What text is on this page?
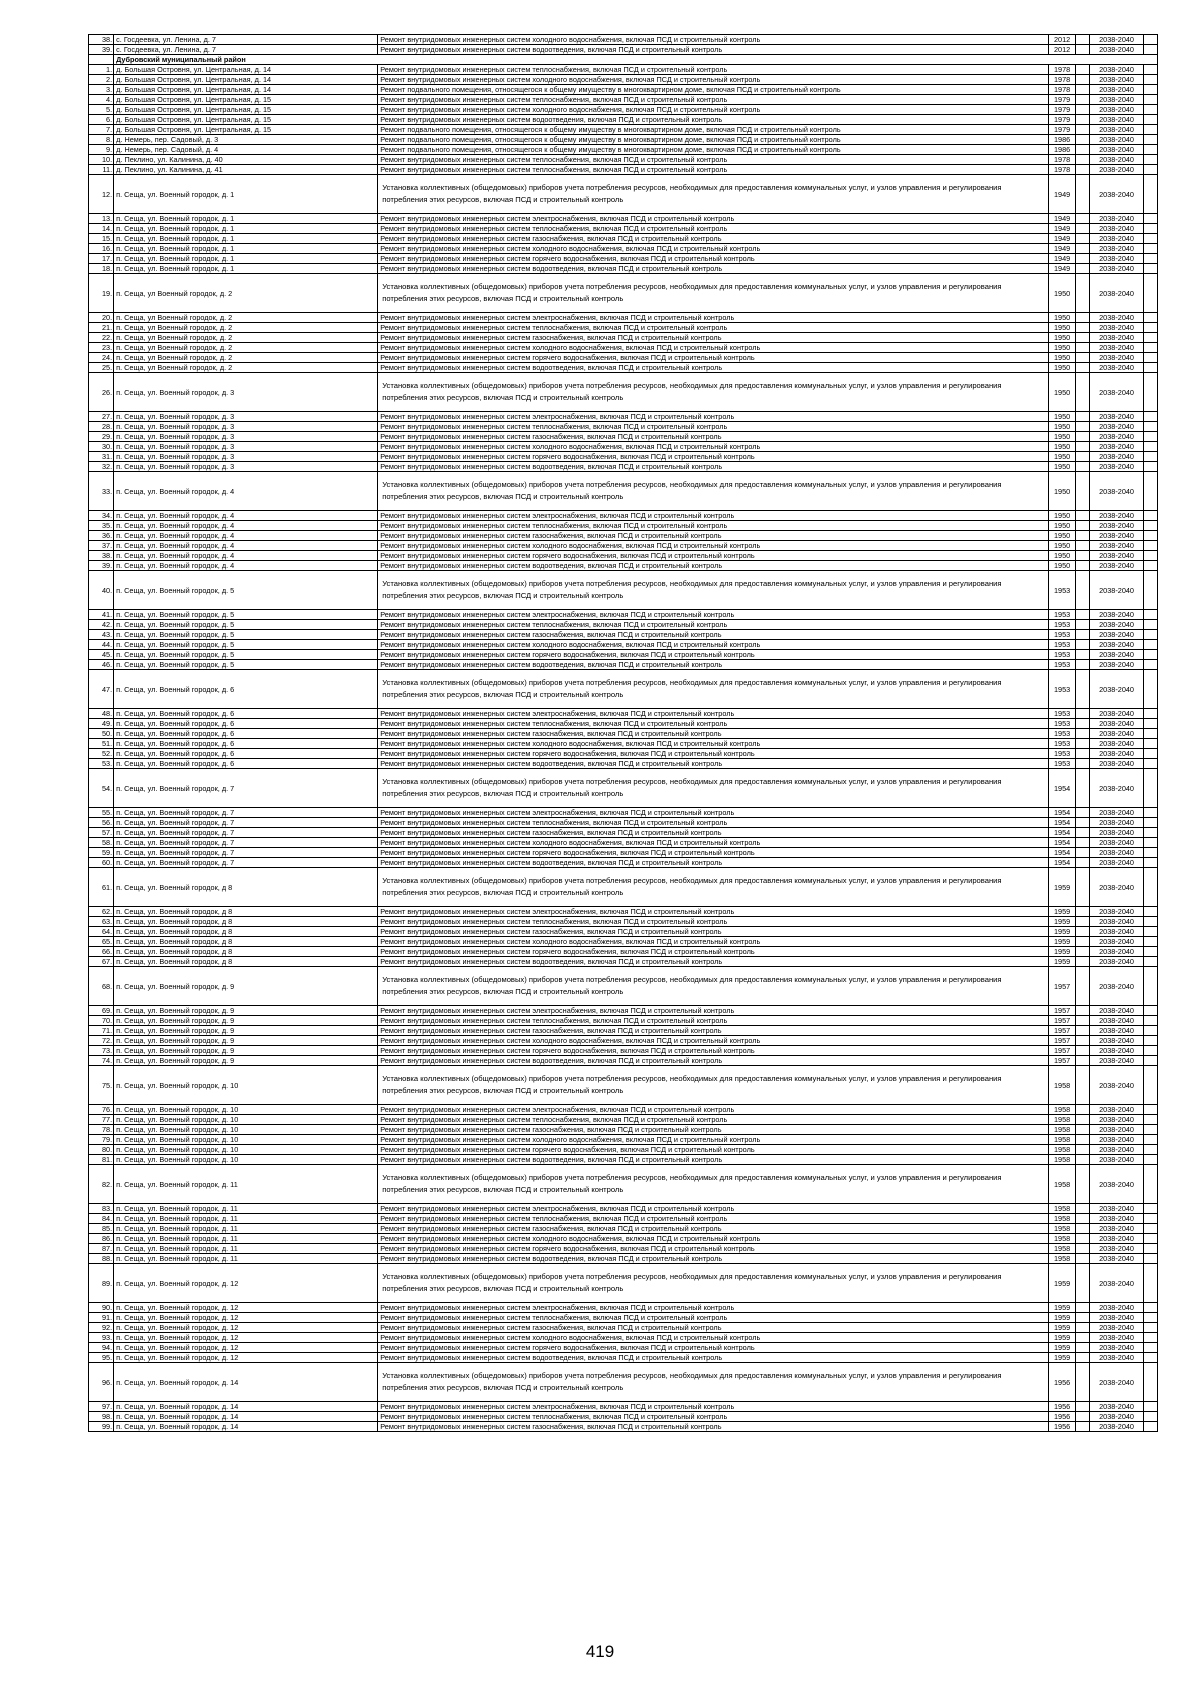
38.	с. Госдеевка, ул. Ленина, д. 7	Ремонт внутридомовых инженерных систем холодного водоснабжения, включая ПСД и строительный контроль	2012		2038-2040	
39.	с. Госдеевка, ул. Ленина, д. 7	Ремонт внутридомовых инженерных систем водоотведения, включая ПСД и строительный контроль	2012		2038-2040	
	Дубровский муниципальный район					
1.	д. Большая Островня, ул. Центральная, д. 14	Ремонт внутридомовых инженерных систем теплоснабжения, включая ПСД и строительный контроль	1978		2038-2040	
2.	д. Большая Островня, ул. Центральная, д. 14	Ремонт внутридомовых инженерных систем холодного водоснабжения, включая ПСД и строительный контроль	1978		2038-2040	
3.	д. Большая Островня, ул. Центральная, д. 14	Ремонт подвального помещения, относящегося к общему имуществу в многоквартирном доме, включая ПСД и строительный контроль	1978		2038-2040	
4.	д. Большая Островня, ул. Центральная, д. 15	Ремонт внутридомовых инженерных систем теплоснабжения, включая ПСД и строительный контроль	1979		2038-2040	
5.	д. Большая Островня, ул. Центральная, д. 15	Ремонт внутридомовых инженерных систем холодного водоснабжения, включая ПСД и строительный контроль	1979		2038-2040	
6.	д. Большая Островня, ул. Центральная, д. 15	Ремонт внутридомовых инженерных систем водоотведения, включая ПСД и строительный контроль	1979		2038-2040	
7.	д. Большая Островня, ул. Центральная, д. 15	Ремонт подвального помещения, относящегося к общему имуществу в многоквартирном доме, включая ПСД и строительный контроль	1979		2038-2040	
8.	д. Немерь, пер. Садовый, д. 3	Ремонт подвального помещения, относящегося к общему имуществу в многоквартирном доме, включая ПСД и строительный контроль	1986		2038-2040	
9.	д. Немерь, пер. Садовый, д. 4	Ремонт подвального помещения, относящегося к общему имуществу в многоквартирном доме, включая ПСД и строительный контроль	1986		2038-2040	
10.	д. Пеклино, ул. Калинина, д. 40	Ремонт внутридомовых инженерных систем теплоснабжения, включая ПСД и строительный контроль	1978		2038-2040	
11.	д. Пеклино, ул. Калинина, д. 41	Ремонт внутридомовых инженерных систем теплоснабжения, включая ПСД и строительный контроль	1978		2038-2040	
12.	п. Сеща, ул. Военный городок, д. 1	Установка коллективных (общедомовых) приборов учета потребления ресурсов, необходимых для предоставления коммунальных услуг, и узлов управления и регулирования потребления этих ресурсов, включая ПСД и строительный контроль	1949		2038-2040	
13.	п. Сеща, ул. Военный городок, д. 1	Ремонт внутридомовых инженерных систем электроснабжения, включая ПСД и строительный контроль	1949		2038-2040	
14.	п. Сеща, ул. Военный городок, д. 1	Ремонт внутридомовых инженерных систем теплоснабжения, включая ПСД и строительный контроль	1949		2038-2040	
15.	п. Сеща, ул. Военный городок, д. 1	Ремонт внутридомовых инженерных систем газоснабжения, включая ПСД и строительный контроль	1949		2038-2040	
16.	п. Сеща, ул. Военный городок, д. 1	Ремонт внутридомовых инженерных систем холодного водоснабжения, включая ПСД и строительный контроль	1949		2038-2040	
17.	п. Сеща, ул. Военный городок, д. 1	Ремонт внутридомовых инженерных систем горячего водоснабжения, включая ПСД и строительный контроль	1949		2038-2040	
18.	п. Сеща, ул. Военный городок, д. 1	Ремонт внутридомовых инженерных систем водоотведения, включая ПСД и строительный контроль	1949		2038-2040	
19.	п. Сеща, ул Военный городок, д. 2	Установка коллективных (общедомовых) приборов учета потребления ресурсов, необходимых для предоставления коммунальных услуг, и узлов управления и регулирования потребления этих ресурсов, включая ПСД и строительный контроль	1950		2038-2040	
20.	п. Сеща, ул Военный городок, д. 2	Ремонт внутридомовых инженерных систем электроснабжения, включая ПСД и строительный контроль	1950		2038-2040	
21.	п. Сеща, ул Военный городок, д. 2	Ремонт внутридомовых инженерных систем теплоснабжения, включая ПСД и строительный контроль	1950		2038-2040	
22.	п. Сеща, ул Военный городок, д. 2	Ремонт внутридомовых инженерных систем газоснабжения, включая ПСД и строительный контроль	1950		2038-2040	
23.	п. Сеща, ул Военный городок, д. 2	Ремонт внутридомовых инженерных систем холодного водоснабжения, включая ПСД и строительный контроль	1950		2038-2040	
24.	п. Сеща, ул Военный городок, д. 2	Ремонт внутридомовых инженерных систем горячего водоснабжения, включая ПСД и строительный контроль	1950		2038-2040	
25.	п. Сеща, ул Военный городок, д. 2	Ремонт внутридомовых инженерных систем водоотведения, включая ПСД и строительный контроль	1950		2038-2040	
26.	п. Сеща, ул. Военный городок, д. 3	Установка коллективных (общедомовых) приборов учета потребления ресурсов, необходимых для предоставления коммунальных услуг, и узлов управления и регулирования потребления этих ресурсов, включая ПСД и строительный контроль	1950		2038-2040	
27.	п. Сеща, ул. Военный городок, д. 3	Ремонт внутридомовых инженерных систем электроснабжения, включая ПСД и строительный контроль	1950		2038-2040	
28.	п. Сеща, ул. Военный городок, д. 3	Ремонт внутридомовых инженерных систем теплоснабжения, включая ПСД и строительный контроль	1950		2038-2040	
29.	п. Сеща, ул. Военный городок, д. 3	Ремонт внутридомовых инженерных систем газоснабжения, включая ПСД и строительный контроль	1950		2038-2040	
30.	п. Сеща, ул. Военный городок, д. 3	Ремонт внутридомовых инженерных систем холодного водоснабжения, включая ПСД и строительный контроль	1950		2038-2040	
31.	п. Сеща, ул. Военный городок, д. 3	Ремонт внутридомовых инженерных систем горячего водоснабжения, включая ПСД и строительный контроль	1950		2038-2040	
32.	п. Сеща, ул. Военный городок, д. 3	Ремонт внутридомовых инженерных систем водоотведения, включая ПСД и строительный контроль	1950		2038-2040	
33.	п. Сеща, ул. Военный городок, д. 4	Установка коллективных (общедомовых) приборов учета потребления ресурсов, необходимых для предоставления коммунальных услуг, и узлов управления и регулирования потребления этих ресурсов, включая ПСД и строительный контроль	1950		2038-2040	
34.	п. Сеща, ул. Военный городок, д. 4	Ремонт внутридомовых инженерных систем электроснабжения, включая ПСД и строительный контроль	1950		2038-2040	
35.	п. Сеща, ул. Военный городок, д. 4	Ремонт внутридомовых инженерных систем теплоснабжения, включая ПСД и строительный контроль	1950		2038-2040	
36.	п. Сеща, ул. Военный городок, д. 4	Ремонт внутридомовых инженерных систем газоснабжения, включая ПСД и строительный контроль	1950		2038-2040	
37.	п. Сеща, ул. Военный городок, д. 4	Ремонт внутридомовых инженерных систем холодного водоснабжения, включая ПСД и строительный контроль	1950		2038-2040	
38.	п. Сеща, ул. Военный городок, д. 4	Ремонт внутридомовых инженерных систем горячего водоснабжения, включая ПСД и строительный контроль	1950		2038-2040	
39.	п. Сеща, ул. Военный городок, д. 4	Ремонт внутридомовых инженерных систем водоотведения, включая ПСД и строительный контроль	1950		2038-2040	
40.	п. Сеща, ул. Военный городок, д. 5	Установка коллективных (общедомовых) приборов учета потребления ресурсов, необходимых для предоставления коммунальных услуг, и узлов управления и регулирования потребления этих ресурсов, включая ПСД и строительный контроль	1953		2038-2040	
41.	п. Сеща, ул. Военный городок, д. 5	Ремонт внутридомовых инженерных систем электроснабжения, включая ПСД и строительный контроль	1953		2038-2040	
42.	п. Сеща, ул. Военный городок, д. 5	Ремонт внутридомовых инженерных систем теплоснабжения, включая ПСД и строительный контроль	1953		2038-2040	
43.	п. Сеща, ул. Военный городок, д. 5	Ремонт внутридомовых инженерных систем газоснабжения, включая ПСД и строительный контроль	1953		2038-2040	
44.	п. Сеща, ул. Военный городок, д. 5	Ремонт внутридомовых инженерных систем холодного водоснабжения, включая ПСД и строительный контроль	1953		2038-2040	
45.	п. Сеща, ул. Военный городок, д. 5	Ремонт внутридомовых инженерных систем горячего водоснабжения, включая ПСД и строительный контроль	1953		2038-2040	
46.	п. Сеща, ул. Военный городок, д. 5	Ремонт внутридомовых инженерных систем водоотведения, включая ПСД и строительный контроль	1953		2038-2040	
47.	п. Сеща, ул. Военный городок, д. 6	Установка коллективных (общедомовых) приборов учета потребления ресурсов, необходимых для предоставления коммунальных услуг, и узлов управления и регулирования потребления этих ресурсов, включая ПСД и строительный контроль	1953		2038-2040	
48.	п. Сеща, ул. Военный городок, д. 6	Ремонт внутридомовых инженерных систем электроснабжения, включая ПСД и строительный контроль	1953		2038-2040	
49.	п. Сеща, ул. Военный городок, д. 6	Ремонт внутридомовых инженерных систем теплоснабжения, включая ПСД и строительный контроль	1953		2038-2040	
50.	п. Сеща, ул. Военный городок, д. 6	Ремонт внутридомовых инженерных систем газоснабжения, включая ПСД и строительный контроль	1953		2038-2040	
51.	п. Сеща, ул. Военный городок, д. 6	Ремонт внутридомовых инженерных систем холодного водоснабжения, включая ПСД и строительный контроль	1953		2038-2040	
52.	п. Сеща, ул. Военный городок, д. 6	Ремонт внутридомовых инженерных систем горячего водоснабжения, включая ПСД и строительный контроль	1953		2038-2040	
53.	п. Сеща, ул. Военный городок, д. 6	Ремонт внутридомовых инженерных систем водоотведения, включая ПСД и строительный контроль	1953		2038-2040	
54.	п. Сеща, ул. Военный городок, д. 7	Установка коллективных (общедомовых) приборов учета потребления ресурсов, необходимых для предоставления коммунальных услуг, и узлов управления и регулирования потребления этих ресурсов, включая ПСД и строительный контроль	1954		2038-2040	
55.	п. Сеща, ул. Военный городок, д. 7	Ремонт внутридомовых инженерных систем электроснабжения, включая ПСД и строительный контроль	1954		2038-2040	
56.	п. Сеща, ул. Военный городок, д. 7	Ремонт внутридомовых инженерных систем теплоснабжения, включая ПСД и строительный контроль	1954		2038-2040	
57.	п. Сеща, ул. Военный городок, д. 7	Ремонт внутридомовых инженерных систем газоснабжения, включая ПСД и строительный контроль	1954		2038-2040	
58.	п. Сеща, ул. Военный городок, д. 7	Ремонт внутридомовых инженерных систем холодного водоснабжения, включая ПСД и строительный контроль	1954		2038-2040	
59.	п. Сеща, ул. Военный городок, д. 7	Ремонт внутридомовых инженерных систем горячего водоснабжения, включая ПСД и строительный контроль	1954		2038-2040	
60.	п. Сеща, ул. Военный городок, д. 7	Ремонт внутридомовых инженерных систем водоотведения, включая ПСД и строительный контроль	1954		2038-2040	
61.	п. Сеща, ул. Военный городок, д 8	Установка коллективных (общедомовых) приборов учета потребления ресурсов, необходимых для предоставления коммунальных услуг, и узлов управления и регулирования потребления этих ресурсов, включая ПСД и строительный контроль	1959		2038-2040	
62.	п. Сеща, ул. Военный городок, д 8	Ремонт внутридомовых инженерных систем электроснабжения, включая ПСД и строительный контроль	1959		2038-2040	
63.	п. Сеща, ул. Военный городок, д 8	Ремонт внутридомовых инженерных систем теплоснабжения, включая ПСД и строительный контроль	1959		2038-2040	
64.	п. Сеща, ул. Военный городок, д 8	Ремонт внутридомовых инженерных систем газоснабжения, включая ПСД и строительный контроль	1959		2038-2040	
65.	п. Сеща, ул. Военный городок, д 8	Ремонт внутридомовых инженерных систем холодного водоснабжения, включая ПСД и строительный контроль	1959		2038-2040	
66.	п. Сеща, ул. Военный городок, д 8	Ремонт внутридомовых инженерных систем горячего водоснабжения, включая ПСД и строительный контроль	1959		2038-2040	
67.	п. Сеща, ул. Военный городок, д 8	Ремонт внутридомовых инженерных систем водоотведения, включая ПСД и строительный контроль	1959		2038-2040	
68.	п. Сеща, ул. Военный городок, д. 9	Установка коллективных (общедомовых) приборов учета потребления ресурсов, необходимых для предоставления коммунальных услуг, и узлов управления и регулирования потребления этих ресурсов, включая ПСД и строительный контроль	1957		2038-2040	
69.	п. Сеща, ул. Военный городок, д. 9	Ремонт внутридомовых инженерных систем электроснабжения, включая ПСД и строительный контроль	1957		2038-2040	
70.	п. Сеща, ул. Военный городок, д. 9	Ремонт внутридомовых инженерных систем теплоснабжения, включая ПСД и строительный контроль	1957		2038-2040	
71.	п. Сеща, ул. Военный городок, д. 9	Ремонт внутридомовых инженерных систем газоснабжения, включая ПСД и строительный контроль	1957		2038-2040	
72.	п. Сеща, ул. Военный городок, д. 9	Ремонт внутридомовых инженерных систем холодного водоснабжения, включая ПСД и строительный контроль	1957		2038-2040	
73.	п. Сеща, ул. Военный городок, д. 9	Ремонт внутридомовых инженерных систем горячего водоснабжения, включая ПСД и строительный контроль	1957		2038-2040	
74.	п. Сеща, ул. Военный городок, д. 9	Ремонт внутридомовых инженерных систем водоотведения, включая ПСД и строительный контроль	1957		2038-2040	
75.	п. Сеща, ул. Военный городок, д. 10	Установка коллективных (общедомовых) приборов учета потребления ресурсов, необходимых для предоставления коммунальных услуг, и узлов управления и регулирования потребления этих ресурсов, включая ПСД и строительный контроль	1958		2038-2040	
76.	п. Сеща, ул. Военный городок, д. 10	Ремонт внутридомовых инженерных систем электроснабжения, включая ПСД и строительный контроль	1958		2038-2040	
77.	п. Сеща, ул. Военный городок, д. 10	Ремонт внутридомовых инженерных систем теплоснабжения, включая ПСД и строительный контроль	1958		2038-2040	
78.	п. Сеща, ул. Военный городок, д. 10	Ремонт внутридомовых инженерных систем газоснабжения, включая ПСД и строительный контроль	1958		2038-2040	
79.	п. Сеща, ул. Военный городок, д. 10	Ремонт внутридомовых инженерных систем холодного водоснабжения, включая ПСД и строительный контроль	1958		2038-2040	
80.	п. Сеща, ул. Военный городок, д. 10	Ремонт внутридомовых инженерных систем горячего водоснабжения, включая ПСД и строительный контроль	1958		2038-2040	
81.	п. Сеща, ул. Военный городок, д. 10	Ремонт внутридомовых инженерных систем водоотведения, включая ПСД и строительный контроль	1958		2038-2040	
82.	п. Сеща, ул. Военный городок, д. 11	Установка коллективных (общедомовых) приборов учета потребления ресурсов, необходимых для предоставления коммунальных услуг, и узлов управления и регулирования потребления этих ресурсов, включая ПСД и строительный контроль	1958		2038-2040	
83.	п. Сеща, ул. Военный городок, д. 11	Ремонт внутридомовых инженерных систем электроснабжения, включая ПСД и строительный контроль	1958		2038-2040	
84.	п. Сеща, ул. Военный городок, д. 11	Ремонт внутридомовых инженерных систем теплоснабжения, включая ПСД и строительный контроль	1958		2038-2040	
85.	п. Сеща, ул. Военный городок, д. 11	Ремонт внутридомовых инженерных систем газоснабжения, включая ПСД и строительный контроль	1958		2038-2040	
86.	п. Сеща, ул. Военный городок, д. 11	Ремонт внутридомовых инженерных систем холодного водоснабжения, включая ПСД и строительный контроль	1958		2038-2040	
87.	п. Сеща, ул. Военный городок, д. 11	Ремонт внутридомовых инженерных систем горячего водоснабжения, включая ПСД и строительный контроль	1958		2038-2040	
88.	п. Сеща, ул. Военный городок, д. 11	Ремонт внутридомовых инженерных систем водоотведения, включая ПСД и строительный контроль	1958		2038-2040	
89.	п. Сеща, ул. Военный городок, д. 12	Установка коллективных (общедомовых) приборов учета потребления ресурсов, необходимых для предоставления коммунальных услуг, и узлов управления и регулирования потребления этих ресурсов, включая ПСД и строительный контроль	1959		2038-2040	
90.	п. Сеща, ул. Военный городок, д. 12	Ремонт внутридомовых инженерных систем электроснабжения, включая ПСД и строительный контроль	1959		2038-2040	
91.	п. Сеща, ул. Военный городок, д. 12	Ремонт внутридомовых инженерных систем теплоснабжения, включая ПСД и строительный контроль	1959		2038-2040	
92.	п. Сеща, ул. Военный городок, д. 12	Ремонт внутридомовых инженерных систем газоснабжения, включая ПСД и строительный контроль	1959		2038-2040	
93.	п. Сеща, ул. Военный городок, д. 12	Ремонт внутридомовых инженерных систем холодного водоснабжения, включая ПСД и строительный контроль	1959		2038-2040	
94.	п. Сеща, ул. Военный городок, д. 12	Ремонт внутридомовых инженерных систем горячего водоснабжения, включая ПСД и строительный контроль	1959		2038-2040	
95.	п. Сеща, ул. Военный городок, д. 12	Ремонт внутридомовых инженерных систем водоотведения, включая ПСД и строительный контроль	1959		2038-2040	
96.	п. Сеща, ул. Военный городок, д. 14	Установка коллективных (общедомовых) приборов учета потребления ресурсов, необходимых для предоставления коммунальных услуг, и узлов управления и регулирования потребления этих ресурсов, включая ПСД и строительный контроль	1956		2038-2040	
97.	п. Сеща, ул. Военный городок, д. 14	Ремонт внутридомовых инженерных систем электроснабжения, включая ПСД и строительный контроль	1956		2038-2040	
98.	п. Сеща, ул. Военный городок, д. 14	Ремонт внутридомовых инженерных систем теплоснабжения, включая ПСД и строительный контроль	1956		2038-2040	
99.	п. Сеща, ул. Военный городок, д. 14	Ремонт внутридомовых инженерных систем газоснабжения, включая ПСД и строительный контроль	1956		2038-2040	
419
